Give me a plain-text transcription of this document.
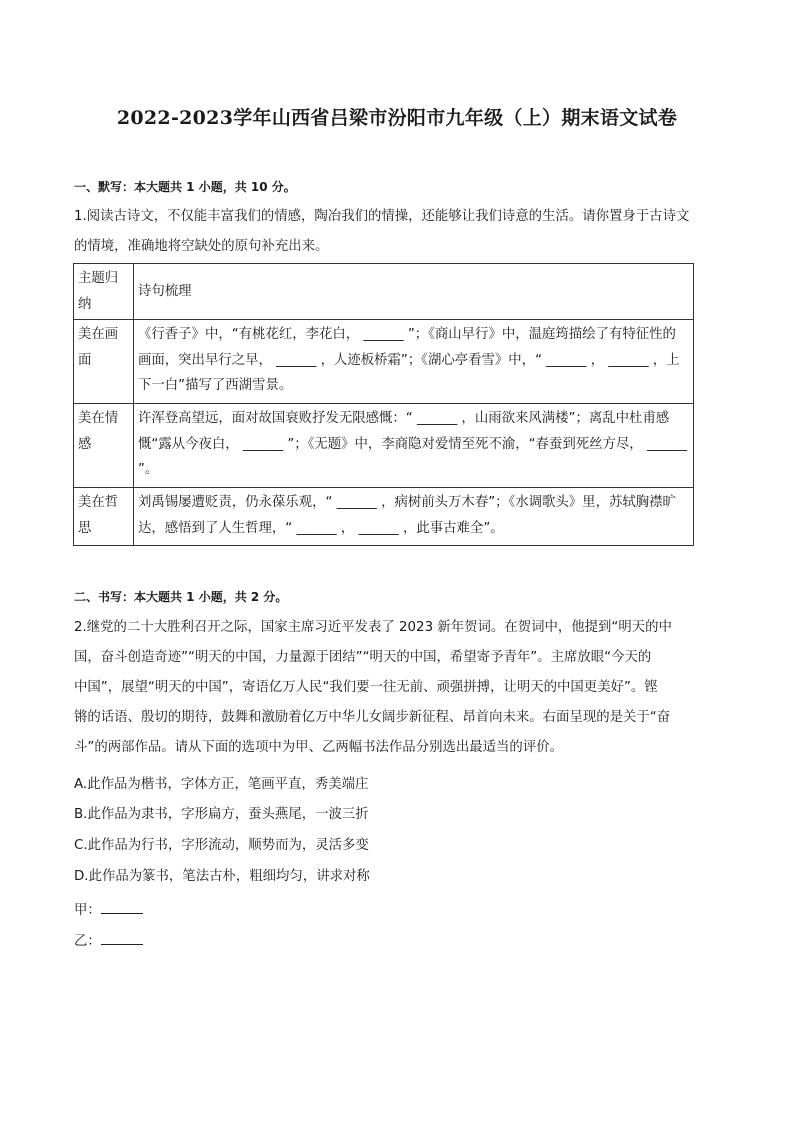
2022-2023学年山西省吕梁市汾阳市九年级（上）期末语文试卷
一、默写：本大题共 1 小题，共 10 分。
1.阅读古诗文，不仅能丰富我们的情感，陶冶我们的情操，还能够让我们诗意的生活。请你置身于古诗文
的情境，准确地将空缺处的原句补充出来。
主题归纳	诗句梳理
美在画面	《行香子》中，“有桃花红，李花白， ______ ”；《商山早行》中，温庭筠描绘了有特征性的画面，突出早行之早， ______ ，人迹板桥霜”；《湖心亭看雪》中，“ ______ ， ______ ，上下一白”描写了西湖雪景。
美在情感	许浑登高望远，面对故国衰败抒发无限感慨：“ ______ ，山雨欲来风满楼”；离乱中杜甫感慨“露从今夜白， ______ ”；《无题》中，李商隐对爱情至死不渝，“春蚕到死丝方尽， ______ ”。
美在哲思	刘禹锡屡遭贬责，仍永葆乐观，“ ______ ，病树前头万木春”；《水调歌头》里，苏轼胸襟旷达，感悟到了人生哲理，“ ______ ， ______ ，此事古难全”。
二、书写：本大题共 1 小题，共 2 分。
2.继党的二十大胜利召开之际，国家主席习近平发表了 2023 新年贺词。在贺词中，他提到“明天的中
国，奋斗创造奇迹”“明天的中国，力量源于团结”“明天的中国，希望寄予青年”。主席放眼“今天的
中国”，展望“明天的中国”，寄语亿万人民“我们要一往无前、顽强拼搏，让明天的中国更美好”。铿
锵的话语、殷切的期待，鼓舞和激励着亿万中华儿女阔步新征程、昂首向未来。右面呈现的是关于“奋
斗”的两部作品。请从下面的选项中为甲、乙两幅书法作品分别选出最适当的评价。
A.此作品为楷书，字体方正，笔画平直，秀美端庄
B.此作品为隶书，字形扁方，蚕头燕尾，一波三折
C.此作品为行书，字形流动，顺势而为，灵活多变
D.此作品为篆书，笔法古朴，粗细均匀，讲求对称
甲：
乙：
